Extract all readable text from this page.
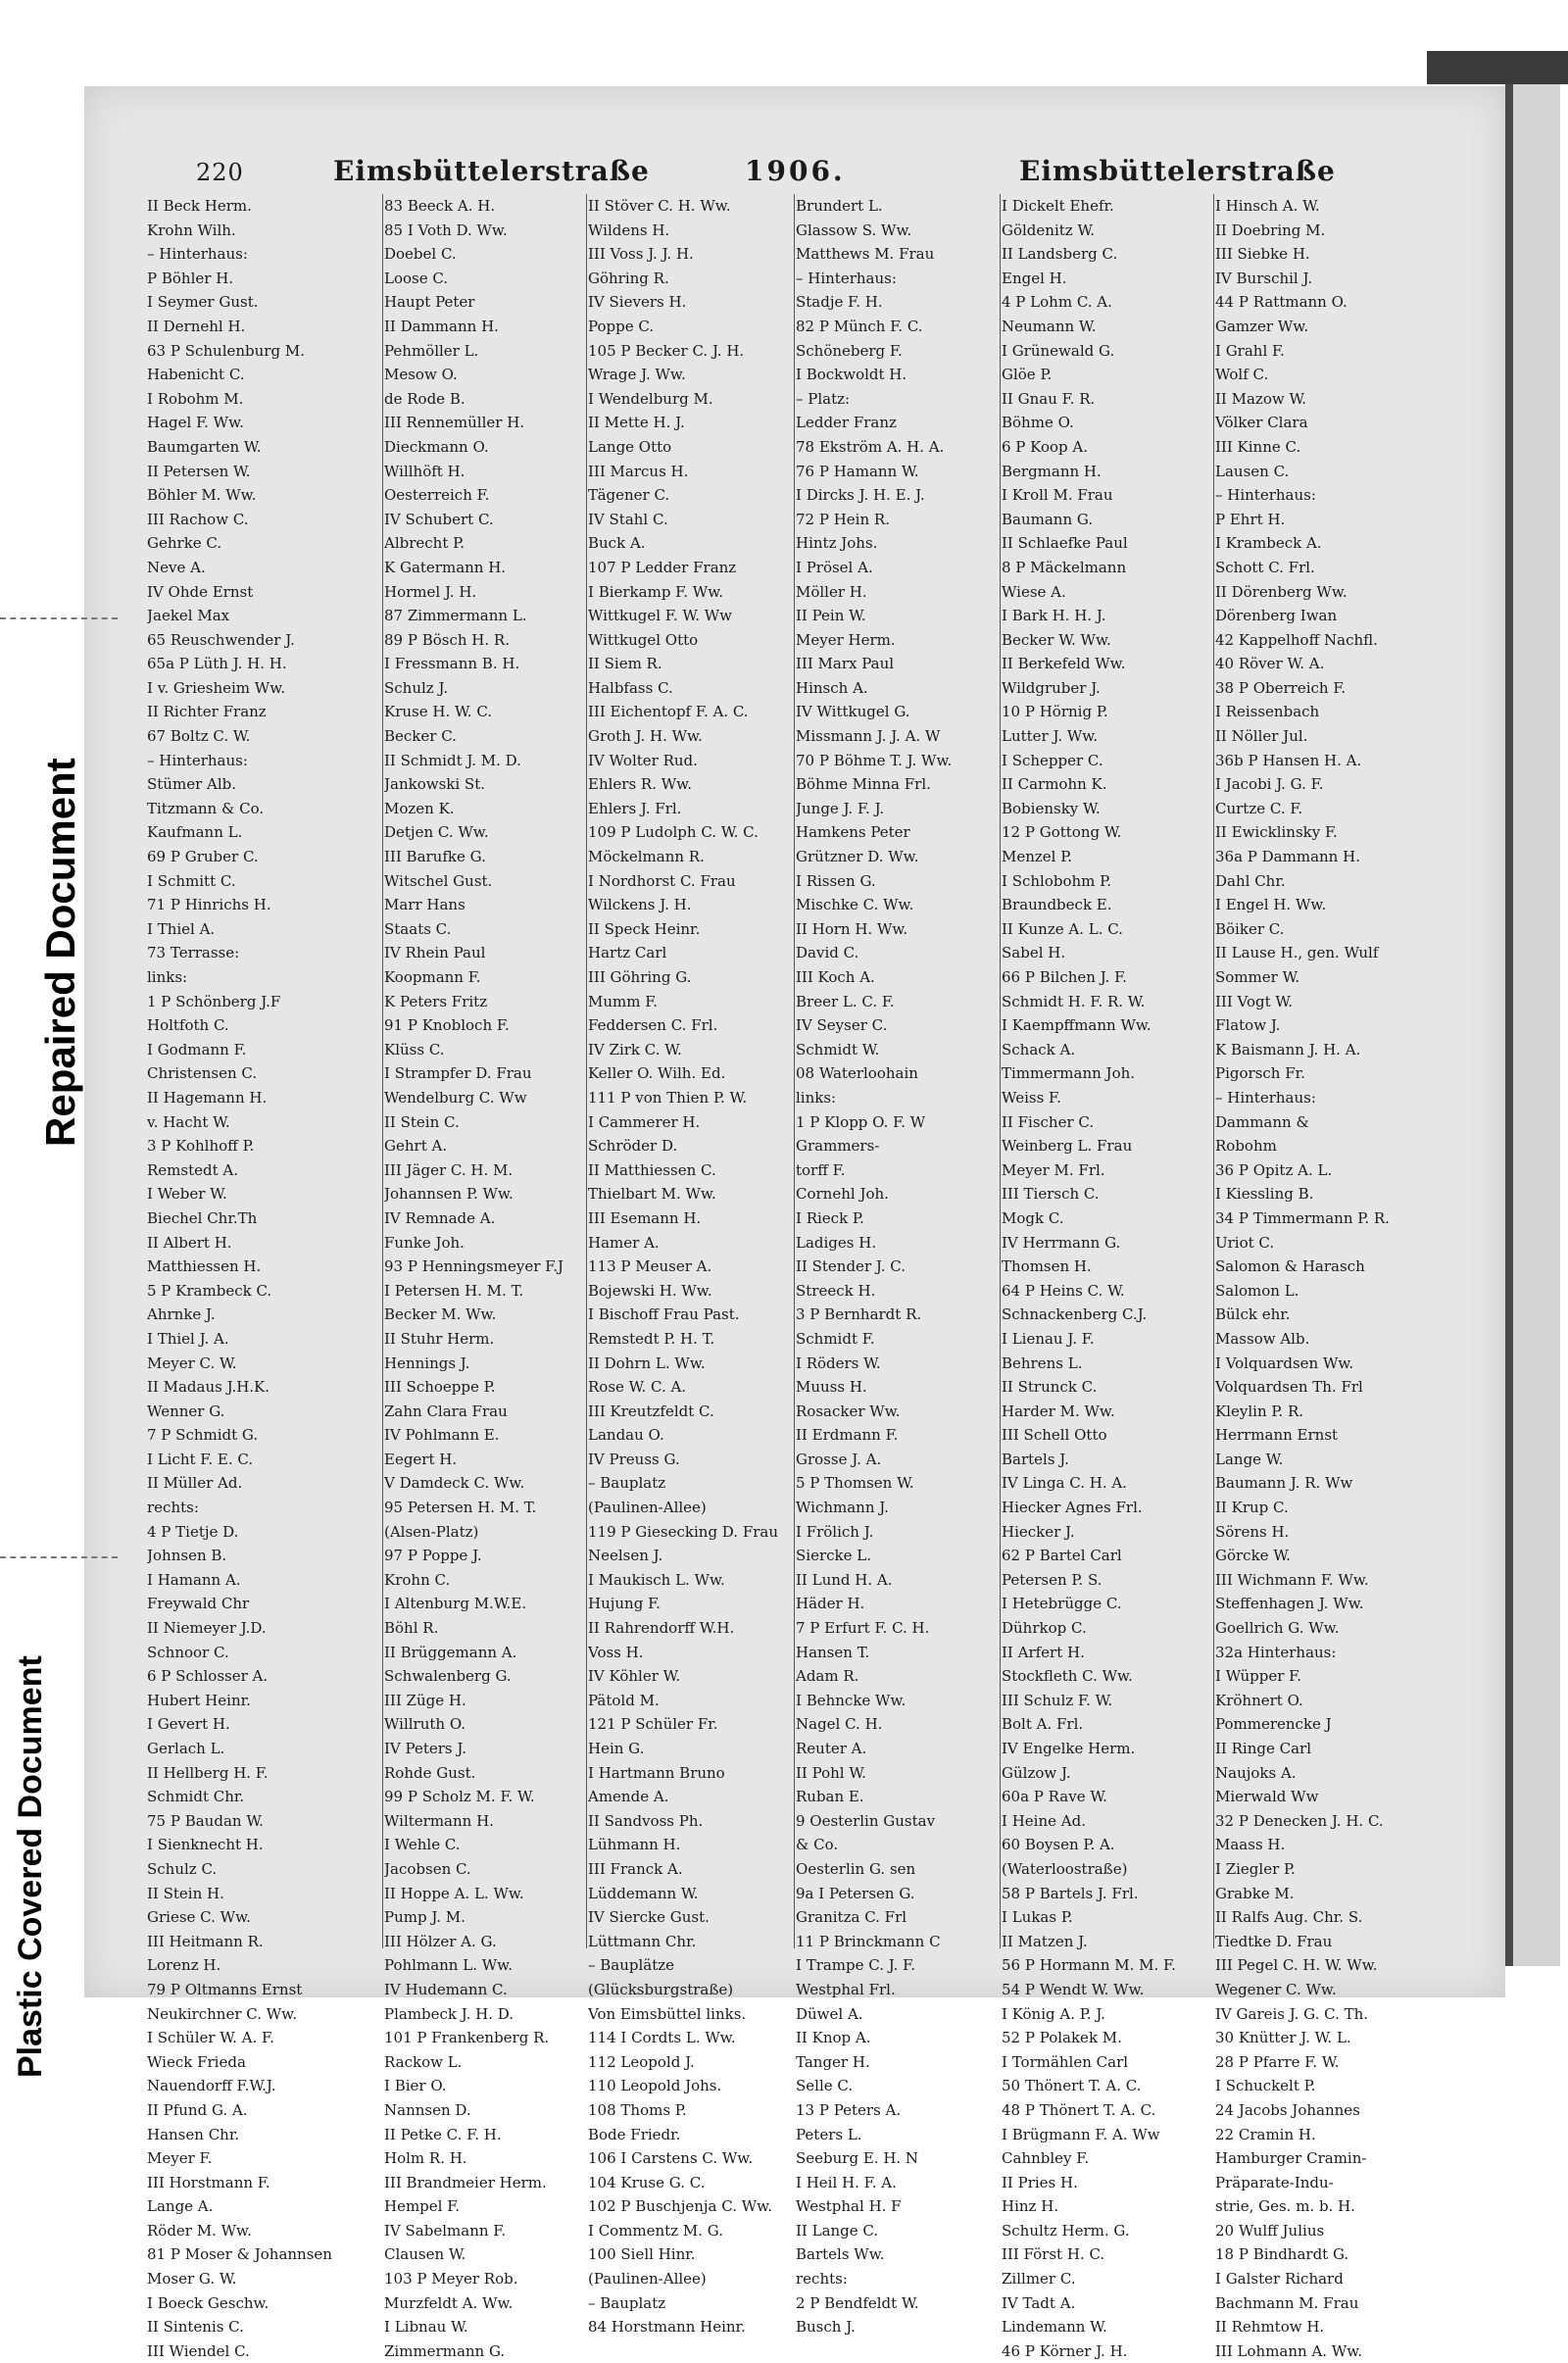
Repaired Document
Plastic Covered Document
220	Eimsbüttelerstraße	1906.	Eimsbüttelerstraße
II Beck Herm.
Krohn Wilh.
– Hinterhaus:
P Böhler H.
I Seymer Gust.
II Dernehl H.
63 P Schulenburg M.
Habenicht C.
I Robohm M.
Hagel F. Ww.
Baumgarten W.
II Petersen W.
Böhler M. Ww.
III Rachow C.
Gehrke C.
Neve A.
IV Ohde Ernst
Jaekel Max
65 Reuschwender J.
65a P Lüth J. H. H.
I v. Griesheim Ww.
II Richter Franz
67 Boltz C. W.
– Hinterhaus:
Stümer Alb.
Titzmann & Co.
Kaufmann L.
69 P Gruber C.
I Schmitt C.
71 P Hinrichs H.
I Thiel A.
73 Terrasse:
links:
1 P Schönberg J.F
Holtfoth C.
I Godmann F.
Christensen C.
II Hagemann H.
v. Hacht W.
3 P Kohlhoff P.
Remstedt A.
I Weber W.
Biechel Chr.Th
II Albert H.
Matthiessen H.
5 P Krambeck C.
Ahrnke J.
I Thiel J. A.
Meyer C. W.
II Madaus J.H.K.
Wenner G.
7 P Schmidt G.
I Licht F. E. C.
II Müller Ad.
rechts:
4 P Tietje D.
Johnsen B.
I Hamann A.
Freywald Chr
II Niemeyer J.D.
Schnoor C.
6 P Schlosser A.
Hubert Heinr.
I Gevert H.
Gerlach L.
II Hellberg H. F.
Schmidt Chr.
75 P Baudan W.
I Sienknecht H.
Schulz C.
II Stein H.
Griese C. Ww.
III Heitmann R.
Lorenz H.
79 P Oltmanns Ernst
Neukirchner C. Ww.
I Schüler W. A. F.
Wieck Frieda
Nauendorff F.W.J.
II Pfund G. A.
Hansen Chr.
Meyer F.
III Horstmann F.
Lange A.
Röder M. Ww.
81 P Moser & Johannsen
Moser G. W.
I Boeck Geschw.
II Sintenis C.
III Wiendel C.
83 Beeck A. H.
85 I Voth D. Ww.
Doebel C.
Loose C.
Haupt Peter
II Dammann H.
Pehmöller L.
Mesow O.
de Rode B.
III Rennemüller H.
Dieckmann O.
Willhöft H.
Oesterreich F.
IV Schubert C.
Albrecht P.
K Gatermann H.
Hormel J. H.
87 Zimmermann L.
89 P Bösch H. R.
I Fressmann B. H.
Schulz J.
Kruse H. W. C.
Becker C.
II Schmidt J. M. D.
Jankowski St.
Mozen K.
Detjen C. Ww.
III Barufke G.
Witschel Gust.
Marr Hans
Staats C.
IV Rhein Paul
Koopmann F.
K Peters Fritz
91 P Knobloch F.
Klüss C.
I Strampfer D. Frau
Wendelburg C. Ww
II Stein C.
Gehrt A.
III Jäger C. H. M.
Johannsen P. Ww.
IV Remnade A.
Funke Joh.
93 P Henningsmeyer F.J
I Petersen H. M. T.
Becker M. Ww.
II Stuhr Herm.
Hennings J.
III Schoeppe P.
Zahn Clara Frau
IV Pohlmann E.
Eegert H.
V Damdeck C. Ww.
95 Petersen H. M. T.
(Alsen-Platz)
97 P Poppe J.
Krohn C.
I Altenburg M.W.E.
Böhl R.
II Brüggemann A.
Schwalenberg G.
III Züge H.
Willruth O.
IV Peters J.
Rohde Gust.
99 P Scholz M. F. W.
Wiltermann H.
I Wehle C.
Jacobsen C.
II Hoppe A. L. Ww.
Pump J. M.
III Hölzer A. G.
Pohlmann L. Ww.
IV Hudemann C.
Plambeck J. H. D.
101 P Frankenberg R.
Rackow L.
I Bier O.
Nannsen D.
II Petke C. F. H.
Holm R. H.
III Brandmeier Herm.
Hempel F.
IV Sabelmann F.
Clausen W.
103 P Meyer Rob.
Murzfeldt A. Ww.
I Libnau W.
Zimmermann G.
II Stöver C. H. Ww.
Wildens H.
III Voss J. J. H.
Göhring R.
IV Sievers H.
Poppe C.
105 P Becker C. J. H.
Wrage J. Ww.
I Wendelburg M.
II Mette H. J.
Lange Otto
III Marcus H.
Tägener C.
IV Stahl C.
Buck A.
107 P Ledder Franz
I Bierkamp F. Ww.
Wittkugel F. W. Ww
Wittkugel Otto
II Siem R.
Halbfass C.
III Eichentopf F. A. C.
Groth J. H. Ww.
IV Wolter Rud.
Ehlers R. Ww.
Ehlers J. Frl.
109 P Ludolph C. W. C.
Möckelmann R.
I Nordhorst C. Frau
Wilckens J. H.
II Speck Heinr.
Hartz Carl
III Göhring G.
Mumm F.
Feddersen C. Frl.
IV Zirk C. W.
Keller O. Wilh. Ed.
111 P von Thien P. W.
I Cammerer H.
Schröder D.
II Matthiessen C.
Thielbart M. Ww.
III Esemann H.
Hamer A.
113 P Meuser A.
Bojewski H. Ww.
I Bischoff Frau Past.
Remstedt P. H. T.
II Dohrn L. Ww.
Rose W. C. A.
III Kreutzfeldt C.
Landau O.
IV Preuss G.
– Bauplatz
(Paulinen-Allee)
119 P Giesecking D. Frau
Neelsen J.
I Maukisch L. Ww.
Hujung F.
II Rahrendorff W.H.
Voss H.
IV Köhler W.
Pätold M.
121 P Schüler Fr.
Hein G.
I Hartmann Bruno
Amende A.
II Sandvoss Ph.
Lühmann H.
III Franck A.
Lüddemann W.
IV Siercke Gust.
Lüttmann Chr.
– Bauplätze
(Glücksburgstraße)
Von Eimsbüttel links.
114 I Cordts L. Ww.
112 Leopold J.
110 Leopold Johs.
108 Thoms P.
Bode Friedr.
106 I Carstens C. Ww.
104 Kruse G. C.
102 P Buschjenja C. Ww.
I Commentz M. G.
100 Siell Hinr.
(Paulinen-Allee)
– Bauplatz
84 Horstmann Heinr.
Brundert L.
Glassow S. Ww.
Matthews M. Frau
– Hinterhaus:
Stadje F. H.
82 P Münch F. C.
Schöneberg F.
I Bockwoldt H.
– Platz:
Ledder Franz
78 Ekström A. H. A.
76 P Hamann W.
I Dircks J. H. E. J.
72 P Hein R.
Hintz Johs.
I Prösel A.
Möller H.
II Pein W.
Meyer Herm.
III Marx Paul
Hinsch A.
IV Wittkugel G.
Missmann J. J. A. W
70 P Böhme T. J. Ww.
Böhme Minna Frl.
Junge J. F. J.
Hamkens Peter
Grützner D. Ww.
I Rissen G.
Mischke C. Ww.
II Horn H. Ww.
David C.
III Koch A.
Breer L. C. F.
IV Seyser C.
Schmidt W.
08 Waterloohain
links:
1 P Klopp O. F. W
Grammers-
torff F.
Cornehl Joh.
I Rieck P.
Ladiges H.
II Stender J. C.
Streeck H.
3 P Bernhardt R.
Schmidt F.
I Röders W.
Muuss H.
Rosacker Ww.
II Erdmann F.
Grosse J. A.
5 P Thomsen W.
Wichmann J.
I Frölich J.
Siercke L.
II Lund H. A.
Häder H.
7 P Erfurt F. C. H.
Hansen T.
Adam R.
I Behncke Ww.
Nagel C. H.
Reuter A.
II Pohl W.
Ruban E.
9 Oesterlin Gustav
& Co.
Oesterlin G. sen
9a I Petersen G.
Granitza C. Frl
11 P Brinckmann C
I Trampe C. J. F.
Westphal Frl.
Düwel A.
II Knop A.
Tanger H.
Selle C.
13 P Peters A.
Peters L.
Seeburg E. H. N
I Heil H. F. A.
Westphal H. F
II Lange C.
Bartels Ww.
rechts:
2 P Bendfeldt W.
Busch J.
I Dickelt Ehefr.
Göldenitz W.
II Landsberg C.
Engel H.
4 P Lohm C. A.
Neumann W.
I Grünewald G.
Glöe P.
II Gnau F. R.
Böhme O.
6 P Koop A.
Bergmann H.
I Kroll M. Frau
Baumann G.
II Schlaefke Paul
8 P Mäckelmann
Wiese A.
I Bark H. H. J.
Becker W. Ww.
II Berkefeld Ww.
Wildgruber J.
10 P Hörnig P.
Lutter J. Ww.
I Schepper C.
II Carmohn K.
Bobiensky W.
12 P Gottong W.
Menzel P.
I Schlobohm P.
Braundbeck E.
II Kunze A. L. C.
Sabel H.
66 P Bilchen J. F.
Schmidt H. F. R. W.
I Kaempffmann Ww.
Schack A.
Timmermann Joh.
Weiss F.
II Fischer C.
Weinberg L. Frau
Meyer M. Frl.
III Tiersch C.
Mogk C.
IV Herrmann G.
Thomsen H.
64 P Heins C. W.
Schnackenberg C.J.
I Lienau J. F.
Behrens L.
II Strunck C.
Harder M. Ww.
III Schell Otto
Bartels J.
IV Linga C. H. A.
Hiecker Agnes Frl.
Hiecker J.
62 P Bartel Carl
Petersen P. S.
I Hetebrügge C.
Dührkop C.
II Arfert H.
Stockfleth C. Ww.
III Schulz F. W.
Bolt A. Frl.
IV Engelke Herm.
Gülzow J.
60a P Rave W.
I Heine Ad.
60 Boysen P. A.
(Waterloostraße)
58 P Bartels J. Frl.
I Lukas P.
II Matzen J.
56 P Hormann M. M. F.
54 P Wendt W. Ww.
I König A. P. J.
52 P Polakek M.
I Tormählen Carl
50 Thönert T. A. C.
48 P Thönert T. A. C.
I Brügmann F. A. Ww
Cahnbley F.
II Pries H.
Hinz H.
Schultz Herm. G.
III Först H. C.
Zillmer C.
IV Tadt A.
Lindemann W.
46 P Körner J. H.
I Hinsch A. W.
II Doebring M.
III Siebke H.
IV Burschil J.
44 P Rattmann O.
Gamzer Ww.
I Grahl F.
Wolf C.
II Mazow W.
Völker Clara
III Kinne C.
Lausen C.
– Hinterhaus:
P Ehrt H.
I Krambeck A.
Schott C. Frl.
II Dörenberg Ww.
Dörenberg Iwan
42 Kappelhoff Nachfl.
40 Röver W. A.
38 P Oberreich F.
I Reissenbach
II Nöller Jul.
36b P Hansen H. A.
I Jacobi J. G. F.
Curtze C. F.
II Ewicklinsky F.
36a P Dammann H.
Dahl Chr.
I Engel H. Ww.
Böiker C.
II Lause H., gen. Wulf
Sommer W.
III Vogt W.
Flatow J.
K Baismann J. H. A.
Pigorsch Fr.
– Hinterhaus:
Dammann &
Robohm
36 P Opitz A. L.
I Kiessling B.
34 P Timmermann P. R.
Uriot C.
Salomon & Harasch
Salomon L.
Bülck ehr.
Massow Alb.
I Volquardsen Ww.
Volquardsen Th. Frl
Kleylin P. R.
Herrmann Ernst
Lange W.
Baumann J. R. Ww
II Krup C.
Sörens H.
Görcke W.
III Wichmann F. Ww.
Steffenhagen J. Ww.
Goellrich G. Ww.
32a Hinterhaus:
I Wüpper F.
Kröhnert O.
Pommerencke J
II Ringe Carl
Naujoks A.
Mierwald Ww
32 P Denecken J. H. C.
Maass H.
I Ziegler P.
Grabke M.
II Ralfs Aug. Chr. S.
Tiedtke D. Frau
III Pegel C. H. W. Ww.
Wegener C. Ww.
IV Gareis J. G. C. Th.
30 Knütter J. W. L.
28 P Pfarre F. W.
I Schuckelt P.
24 Jacobs Johannes
22 Cramin H.
Hamburger Cramin-
Präparate-Indu-
strie, Ges. m. b. H.
20 Wulff Julius
18 P Bindhardt G.
I Galster Richard
Bachmann M. Frau
II Rehmtow H.
III Lohmann A. Ww.
